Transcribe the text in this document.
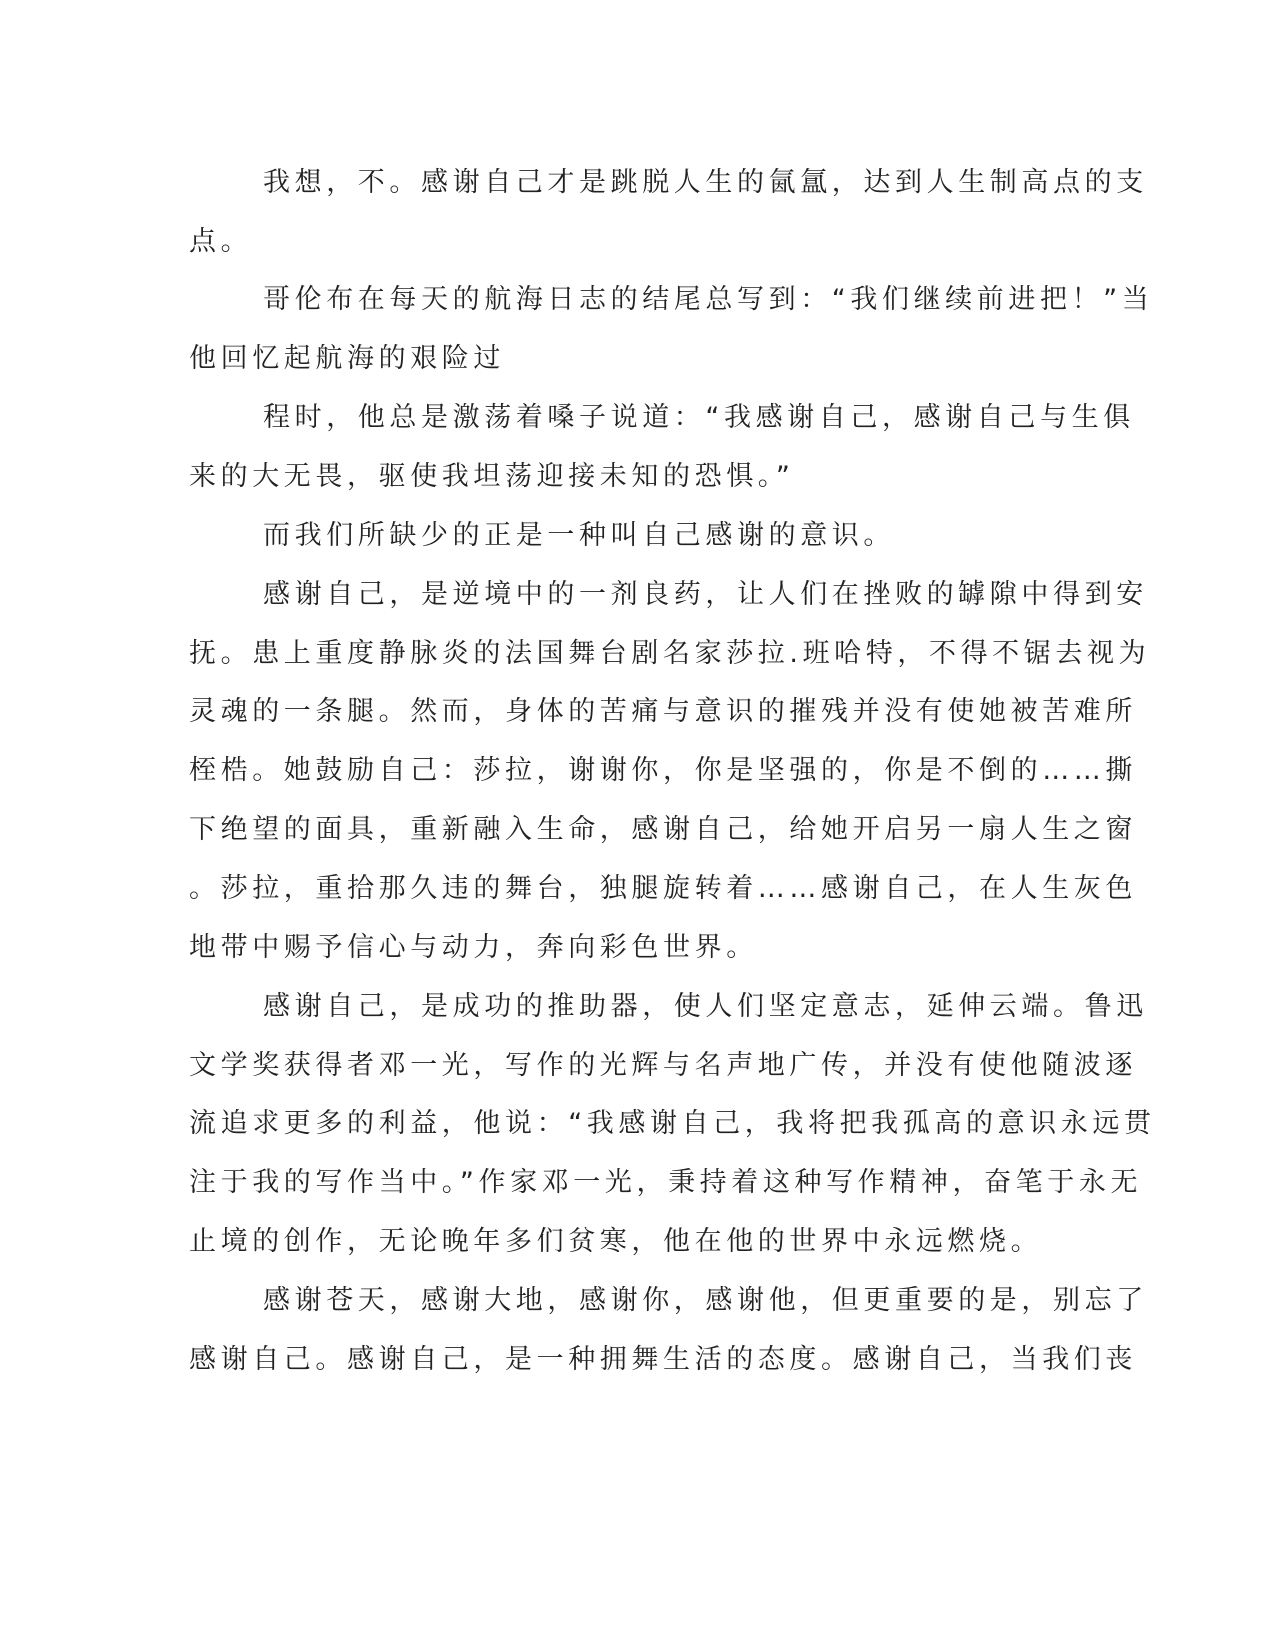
我想，不。感谢自己才是跳脱人生的氤氲，达到人生制高点的支
点。
哥伦布在每天的航海日志的结尾总写到：“我们继续前进把！”当
他回忆起航海的艰险过
程时，他总是激荡着嗓子说道：“我感谢自己，感谢自己与生俱
来的大无畏，驱使我坦荡迎接未知的恐惧。”
而我们所缺少的正是一种叫自己感谢的意识。
感谢自己，是逆境中的一剂良药，让人们在挫败的罅隙中得到安
抚。患上重度静脉炎的法国舞台剧名家莎拉.班哈特，不得不锯去视为
灵魂的一条腿。然而，身体的苦痛与意识的摧残并没有使她被苦难所
桎梏。她鼓励自己：莎拉，谢谢你，你是坚强的，你是不倒的……撕
下绝望的面具，重新融入生命，感谢自己，给她开启另一扇人生之窗
。莎拉，重拾那久违的舞台，独腿旋转着……感谢自己，在人生灰色
地带中赐予信心与动力，奔向彩色世界。
感谢自己，是成功的推助器，使人们坚定意志，延伸云端。鲁迅
文学奖获得者邓一光，写作的光辉与名声地广传，并没有使他随波逐
流追求更多的利益，他说：“我感谢自己，我将把我孤高的意识永远贯
注于我的写作当中。”作家邓一光，秉持着这种写作精神，奋笔于永无
止境的创作，无论晚年多们贫寒，他在他的世界中永远燃烧。
感谢苍天，感谢大地，感谢你，感谢他，但更重要的是，别忘了
感谢自己。感谢自己，是一种拥舞生活的态度。感谢自己，当我们丧
